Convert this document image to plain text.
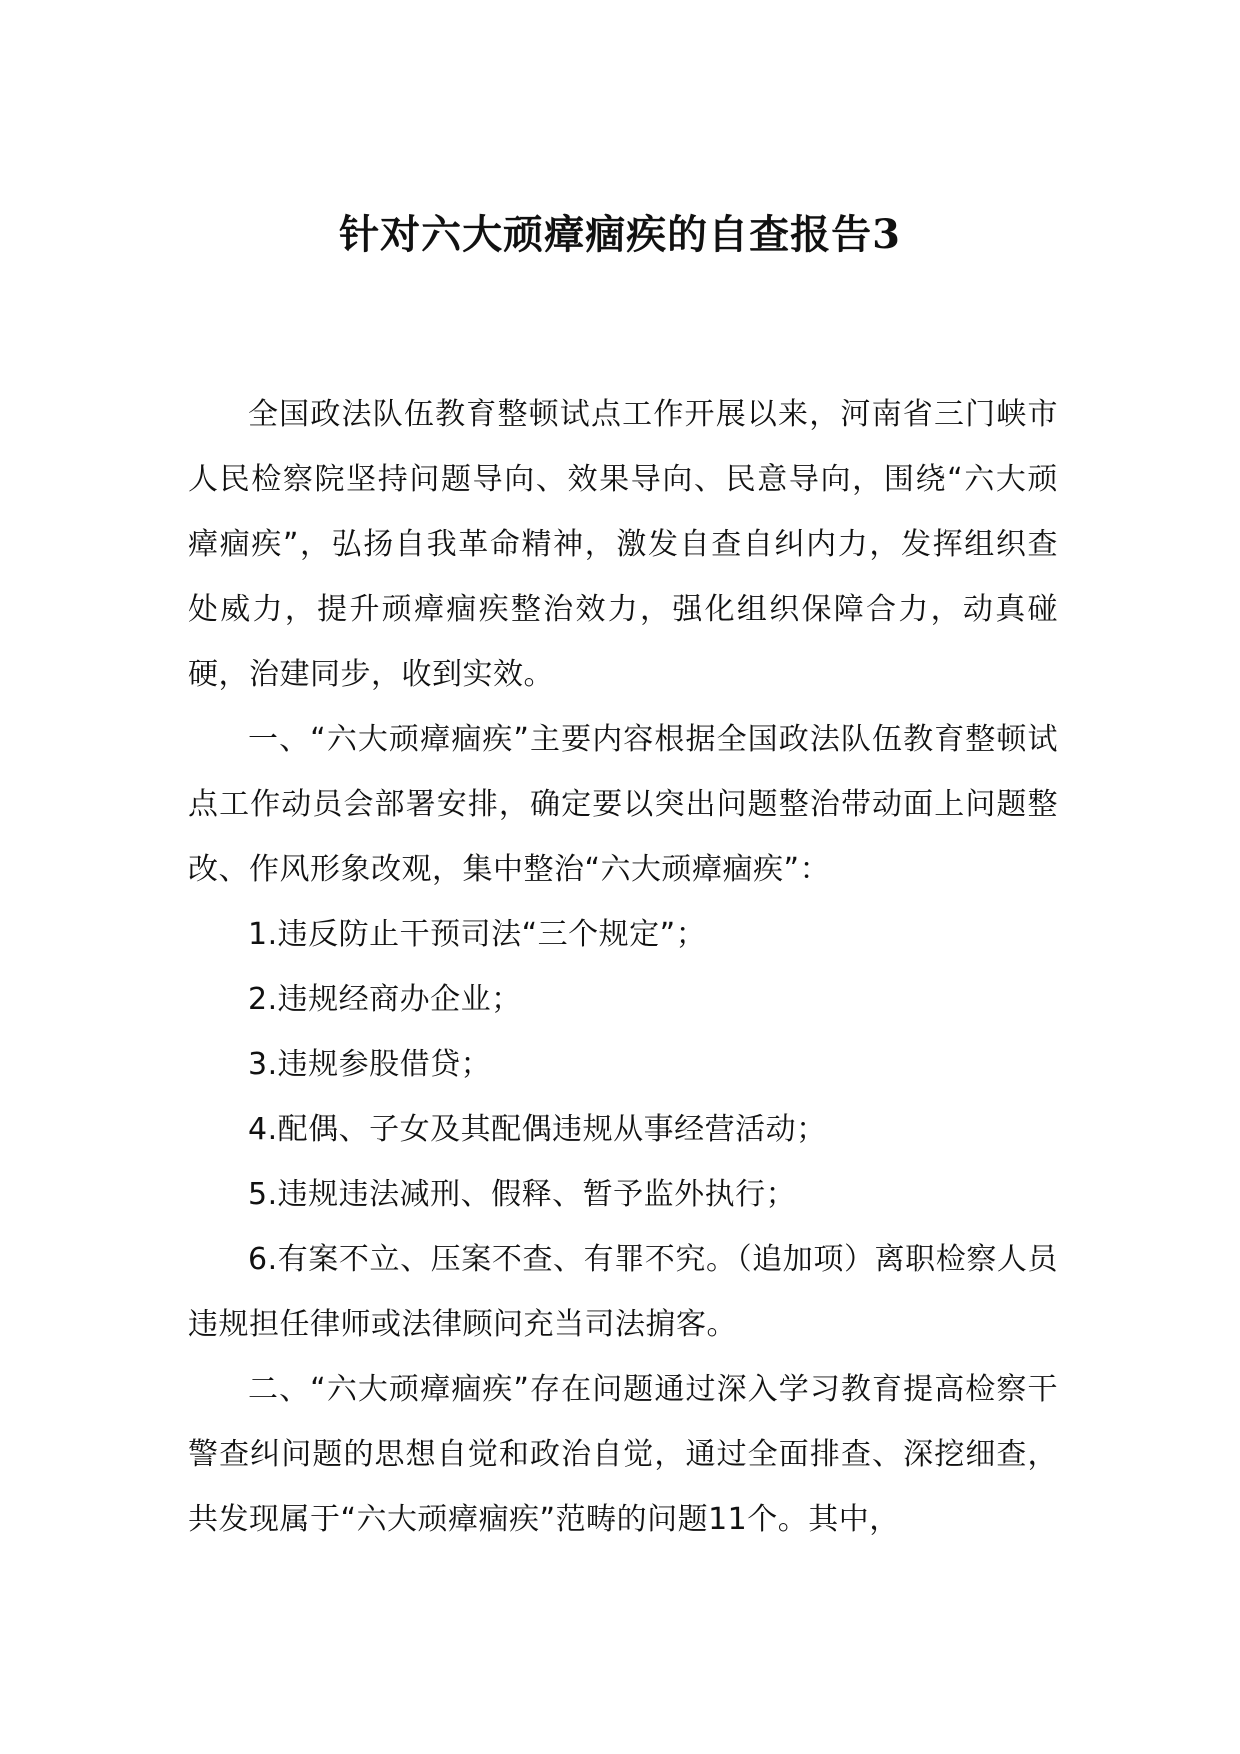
针对六大顽瘴痼疾的自查报告3

全国政法队伍教育整顿试点工作开展以来，河南省三门峡市人民检察院坚持问题导向、效果导向、民意导向，围绕“六大顽瘴痼疾”，弘扬自我革命精神，激发自查自纠内力，发挥组织查处威力，提升顽瘴痼疾整治效力，强化组织保障合力，动真碰硬，治建同步，收到实效。

一、“六大顽瘴痼疾”主要内容根据全国政法队伍教育整顿试点工作动员会部署安排，确定要以突出问题整治带动面上问题整改、作风形象改观，集中整治“六大顽瘴痼疾”：

1.违反防止干预司法“三个规定”；

2.违规经商办企业；

3.违规参股借贷；

4.配偶、子女及其配偶违规从事经营活动；

5.违规违法减刑、假释、暂予监外执行；

6.有案不立、压案不查、有罪不究。（追加项）离职检察人员违规担任律师或法律顾问充当司法掮客。

二、“六大顽瘴痼疾”存在问题通过深入学习教育提高检察干警查纠问题的思想自觉和政治自觉，通过全面排查、深挖细查，共发现属于“六大顽瘴痼疾”范畴的问题11个。其中，
